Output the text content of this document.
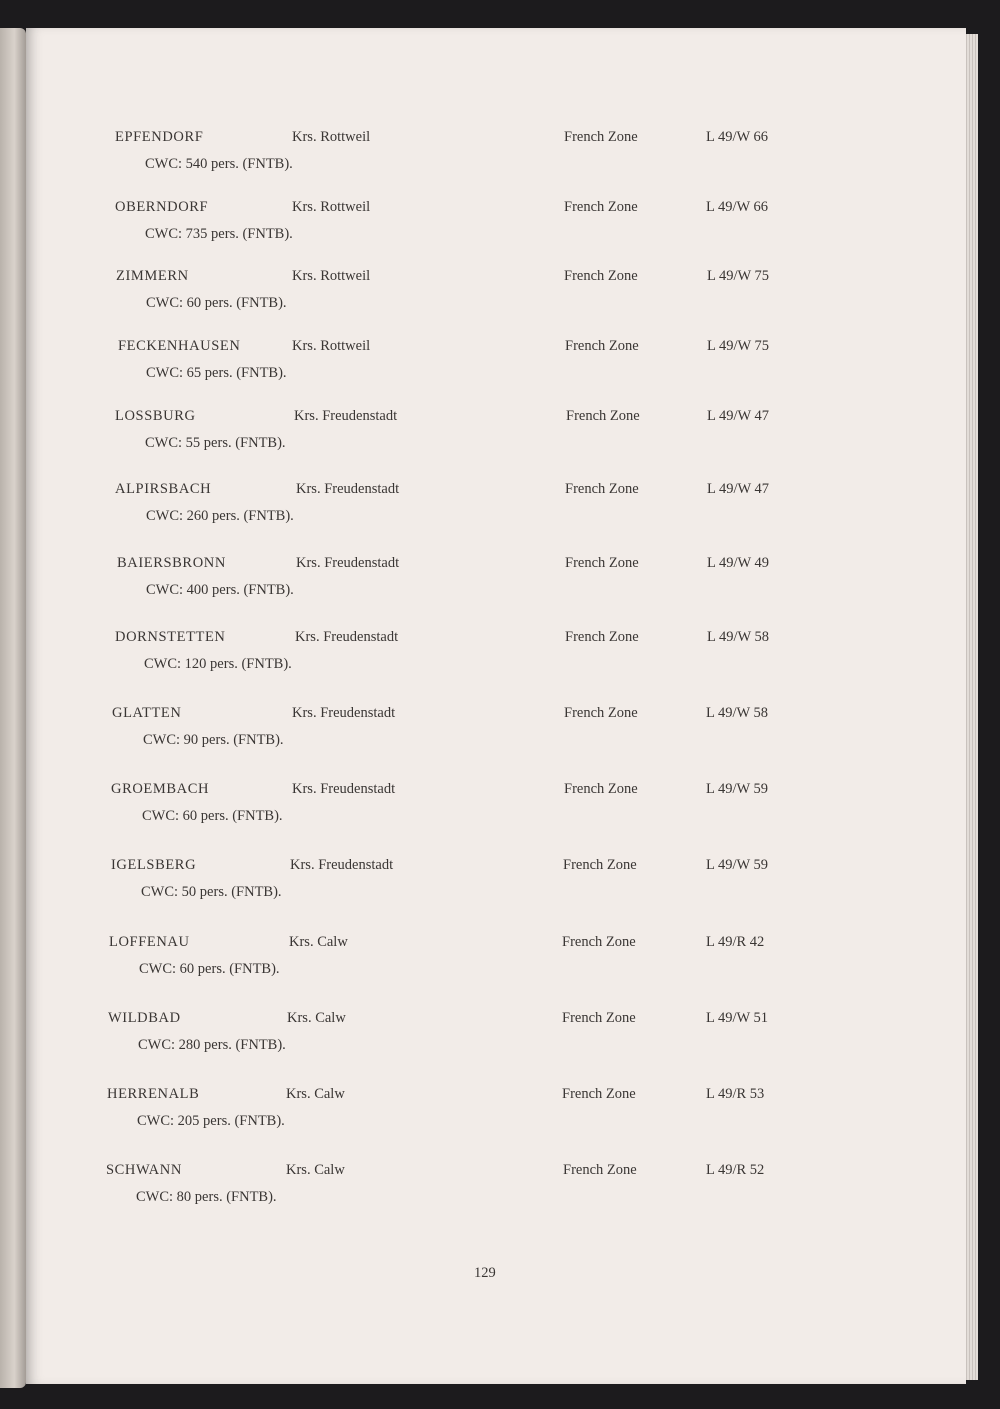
EPFENDORF	Krs. Rottweil	French Zone	L 49/W 66
CWC: 540 pers. (FNTB).
OBERNDORF	Krs. Rottweil	French Zone	L 49/W 66
CWC: 735 pers. (FNTB).
ZIMMERN	Krs. Rottweil	French Zone	L 49/W 75
CWC: 60 pers. (FNTB).
FECKENHAUSEN	Krs. Rottweil	French Zone	L 49/W 75
CWC: 65 pers. (FNTB).
LOSSBURG	Krs. Freudenstadt	French Zone	L 49/W 47
CWC: 55 pers. (FNTB).
ALPIRSBACH	Krs. Freudenstadt	French Zone	L 49/W 47
CWC: 260 pers. (FNTB).
BAIERSBRONN	Krs. Freudenstadt	French Zone	L 49/W 49
CWC: 400 pers. (FNTB).
DORNSTETTEN	Krs. Freudenstadt	French Zone	L 49/W 58
CWC: 120 pers. (FNTB).
GLATTEN	Krs. Freudenstadt	French Zone	L 49/W 58
CWC: 90 pers. (FNTB).
GROEMBACH	Krs. Freudenstadt	French Zone	L 49/W 59
CWC: 60 pers. (FNTB).
IGELSBERG	Krs. Freudenstadt	French Zone	L 49/W 59
CWC: 50 pers. (FNTB).
LOFFENAU	Krs. Calw	French Zone	L 49/R 42
CWC: 60 pers. (FNTB).
WILDBAD	Krs. Calw	French Zone	L 49/W 51
CWC: 280 pers. (FNTB).
HERRENALB	Krs. Calw	French Zone	L 49/R 53
CWC: 205 pers. (FNTB).
SCHWANN	Krs. Calw	French Zone	L 49/R 52
CWC: 80 pers. (FNTB).
129
